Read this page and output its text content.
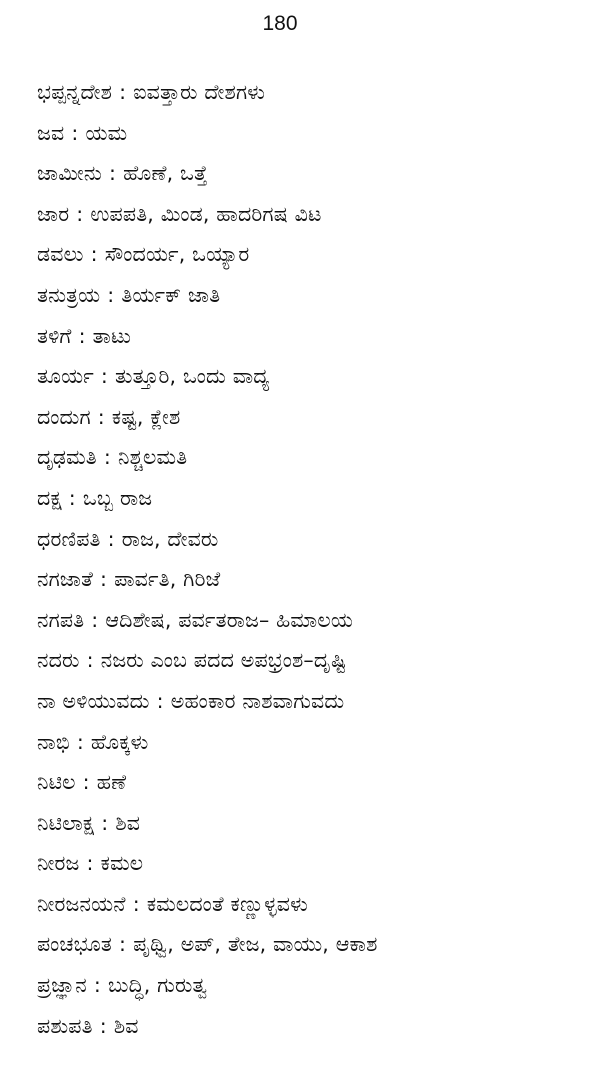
180
ಭಪ್ಪನ್ನದೇಶ : ಐವತ್ತಾರು ದೇಶಗಳು
ಜವ : ಯಮ
ಜಾಮೀನು : ಹೊಣೆ, ಒತ್ತೆ
ಜಾರ : ಉಪಪತಿ, ಮಿಂಡ, ಹಾದರಿಗಷ ವಿಟ
ಡವಲು : ಸೌಂದರ್ಯ, ಒಯ್ಯಾರ
ತನುತ್ರಯ : ತಿರ್ಯಕ್ ಜಾತಿ
ತಳಿಗೆ : ತಾಟು
ತೂರ್ಯ : ತುತ್ತೂರಿ, ಒಂದು ವಾದ್ಯ
ದಂದುಗ : ಕಷ್ಟ, ಕ್ಲೇಶ
ದೃಢಮತಿ : ನಿಶ್ಚಲಮತಿ
ದಕ್ಷ : ಒಬ್ಬ ರಾಜ
ಧರಣಿಪತಿ : ರಾಜ, ದೇವರು
ನಗಜಾತೆ : ಪಾರ್ವತಿ, ಗಿರಿಜೆ
ನಗಪತಿ : ಆದಿಶೇಷ, ಪರ್ವತರಾಜ– ಹಿಮಾಲಯ
ನದರು : ನಜರು ಎಂಬ ಪದದ ಅಪಭ್ರಂಶ–ದೃಷ್ಟಿ
ನಾ ಅಳಿಯುವದು : ಅಹಂಕಾರ ನಾಶವಾಗುವದು
ನಾಭಿ : ಹೊಕ್ಕಳು
ನಿಟಿಲ : ಹಣೆ
ನಿಟಿಲಾಕ್ಷ : ಶಿವ
ನೀರಜ : ಕಮಲ
ನೀರಜನಯನೆ : ಕಮಲದಂತೆ ಕಣ್ಣುಳ್ಳವಳು
ಪಂಚಭೂತ : ಪೃಥ್ವಿ, ಅಪ್, ತೇಜ, ವಾಯು, ಆಕಾಶ
ಪ್ರಜ್ಞಾನ : ಬುದ್ಧಿ, ಗುರುತ್ವ
ಪಶುಪತಿ : ಶಿವ
